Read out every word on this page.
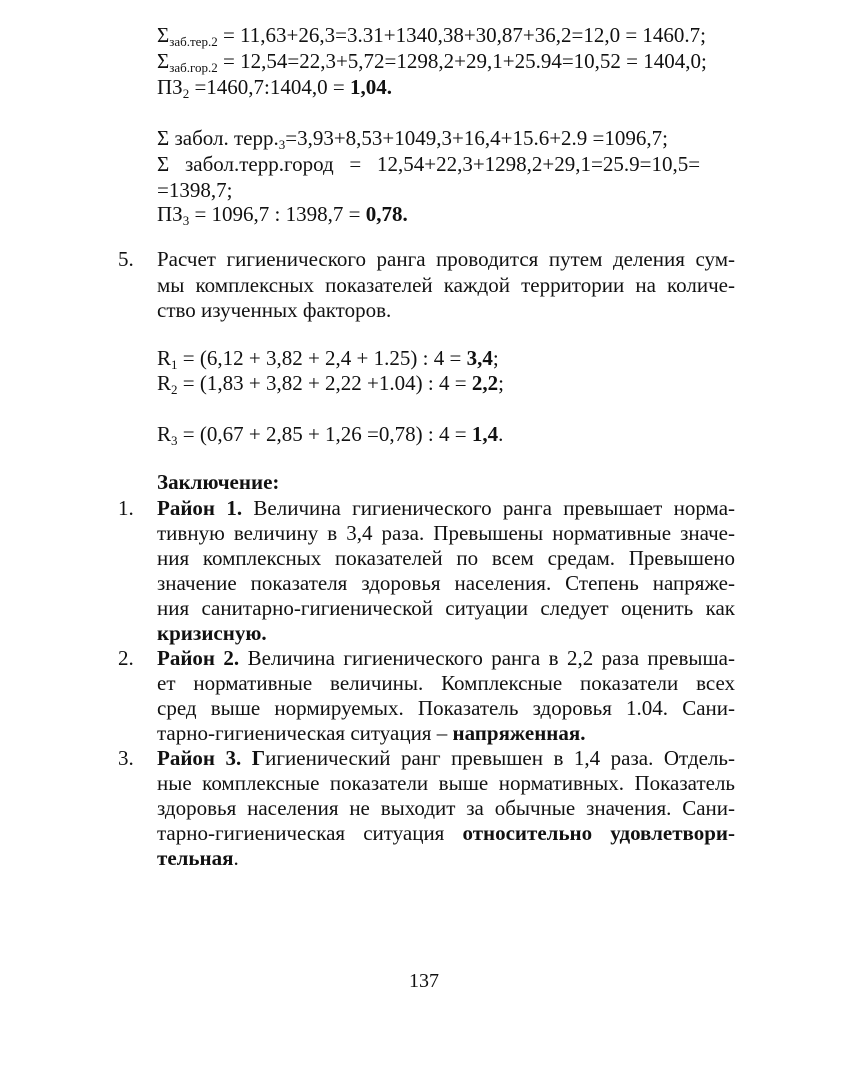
$\Sigma_{заб.тер.2} = 11,63+26,3=3.31+1340,38+30,87+36,2=12,0 = 1460.7$;

$\Sigma_{заб.гор.2} = 12,54=22,3+5,72=1298,2+29,1+25.94=10,52 = 1404,0$;

$ПЗ_2$ =1460,7:1404,0 = 1,04.

Σ забол. $терр._3=3,93+8,53+1049,3+16,4+15.6+2.9 =1096,7$;

Σ   забол.терр.город   =   12,54+22,3+1298,2+29,1=25.9=10,5=

=1398,7;

$ПЗ_3 = 1096,7$ : 1398,7 = 0,78.

5. Расчет гигиенического ранга проводится путем деления сум-

мы комплексных показателей каждой территории на количе-

ство изученных факторов.

$R_1 = (6,12 + 3,82 + 2,4 + 1.25)$ : 4 = 3,4;

$R_2 = (1,83 + 3,82 + 2,22 +1.04)$ : 4 = 2,2;

$R_3 = (0,67 + 2,85 + 1,26 =0,78)$ : 4 = 1,4.

Заключение:

1. Район 1. Величина гигиенического ранга превышает норма-

тивную величину в 3,4 раза. Превышены нормативные значе-

ния комплексных показателей по всем средам. Превышено

значение показателя здоровья населения. Степень напряже-

ния санитарно-гигиенической ситуации следует оценить как

кризисную.

2. Район 2. Величина гигиенического ранга в 2,2 раза превыша-

ет нормативные величины. Комплексные показатели всех

сред выше нормируемых. Показатель здоровья 1.04. Сани-

тарно-гигиеническая ситуация – напряженная.

3. Район 3. Гигиенический ранг превышен в 1,4 раза. Отдель-

ные комплексные показатели выше нормативных. Показатель

здоровья населения не выходит за обычные значения. Сани-

тарно-гигиеническая ситуация относительно удовлетвори-

тельная.

137
